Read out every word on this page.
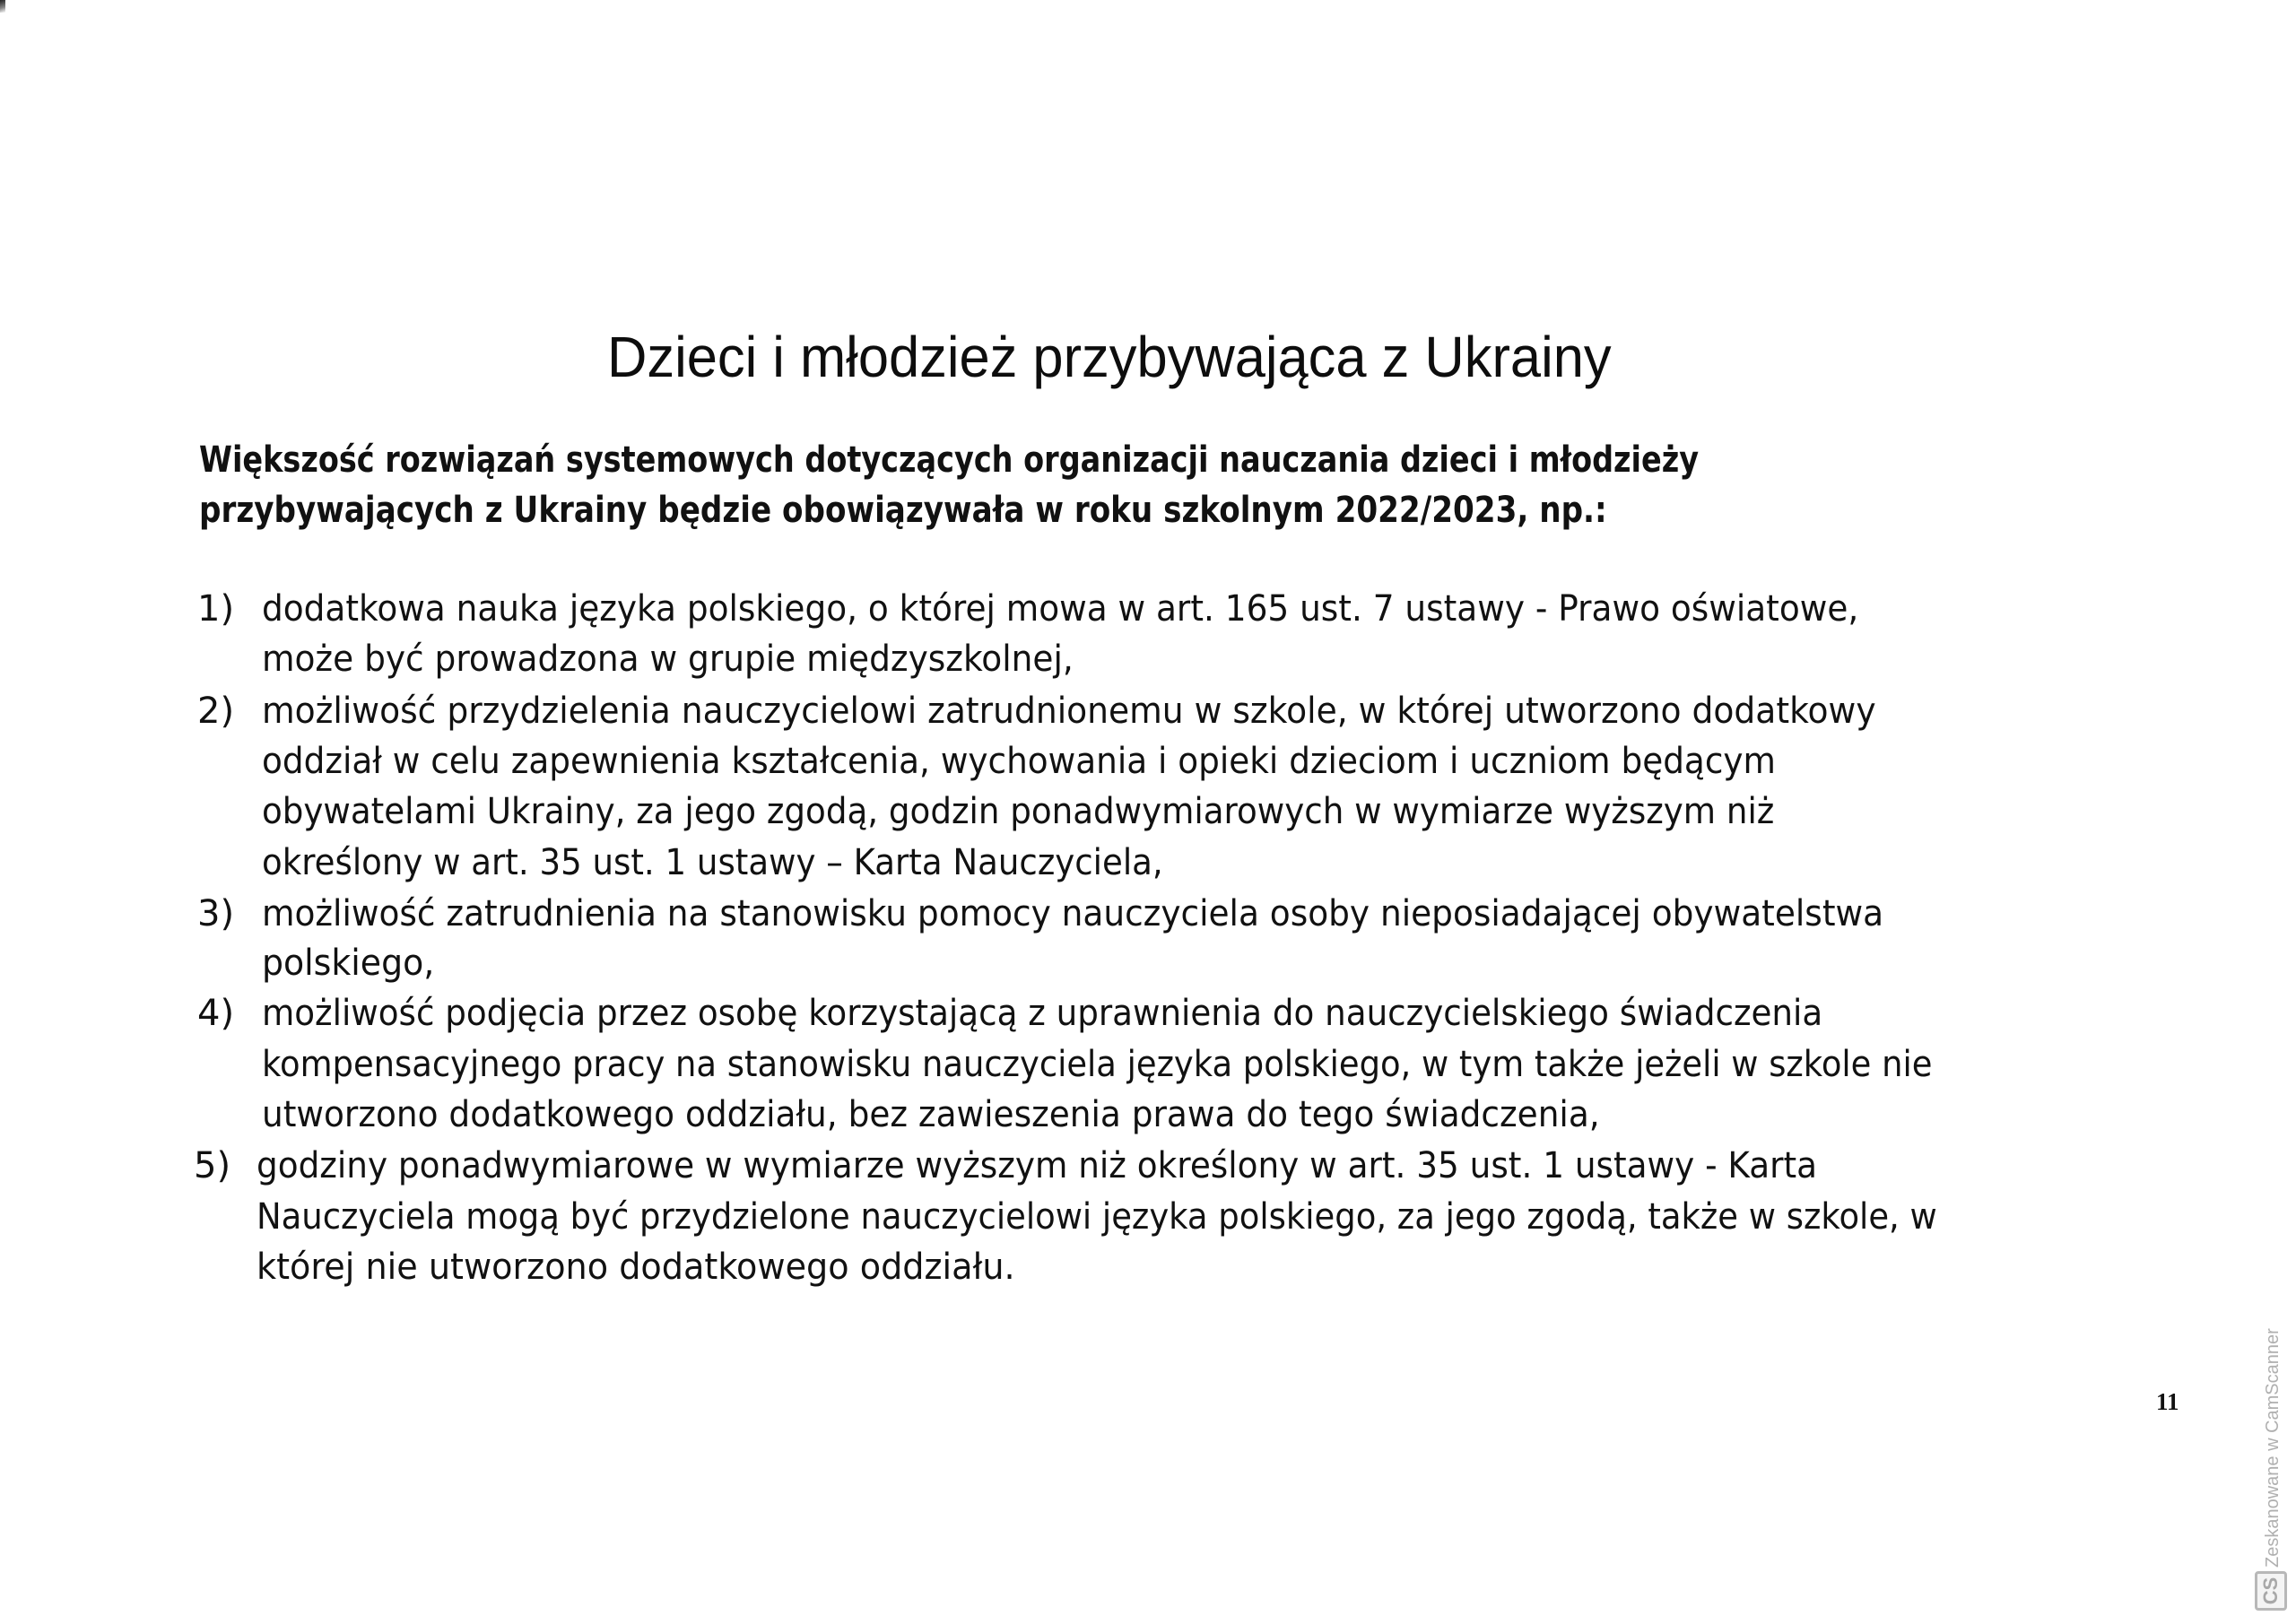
Dzieci i młodzież przybywająca z Ukrainy
Większość rozwiązań systemowych dotyczących organizacji nauczania dzieci i młodzieży
przybywających z Ukrainy będzie obowiązywała w roku szkolnym 2022/2023, np.:
1) dodatkowa nauka języka polskiego, o której mowa w art. 165 ust. 7 ustawy - Prawo oświatowe,
może być prowadzona w grupie międzyszkolnej,
2) możliwość przydzielenia nauczycielowi zatrudnionemu w szkole, w której utworzono dodatkowy
oddział w celu zapewnienia kształcenia, wychowania i opieki dzieciom i uczniom będącym
obywatelami Ukrainy, za jego zgodą, godzin ponadwymiarowych w wymiarze wyższym niż
określony w art. 35 ust. 1 ustawy – Karta Nauczyciela,
3) możliwość zatrudnienia na stanowisku pomocy nauczyciela osoby nieposiadającej obywatelstwa
polskiego,
4) możliwość podjęcia przez osobę korzystającą z uprawnienia do nauczycielskiego świadczenia
kompensacyjnego pracy na stanowisku nauczyciela języka polskiego, w tym także jeżeli w szkole nie
utworzono dodatkowego oddziału, bez zawieszenia prawa do tego świadczenia,
5) godziny ponadwymiarowe w wymiarze wyższym niż określony w art. 35 ust. 1 ustawy - Karta
Nauczyciela mogą być przydzielone nauczycielowi języka polskiego, za jego zgodą, także w szkole, w
której nie utworzono dodatkowego oddziału.
11	Zeskanowane w CamScanner
CS
